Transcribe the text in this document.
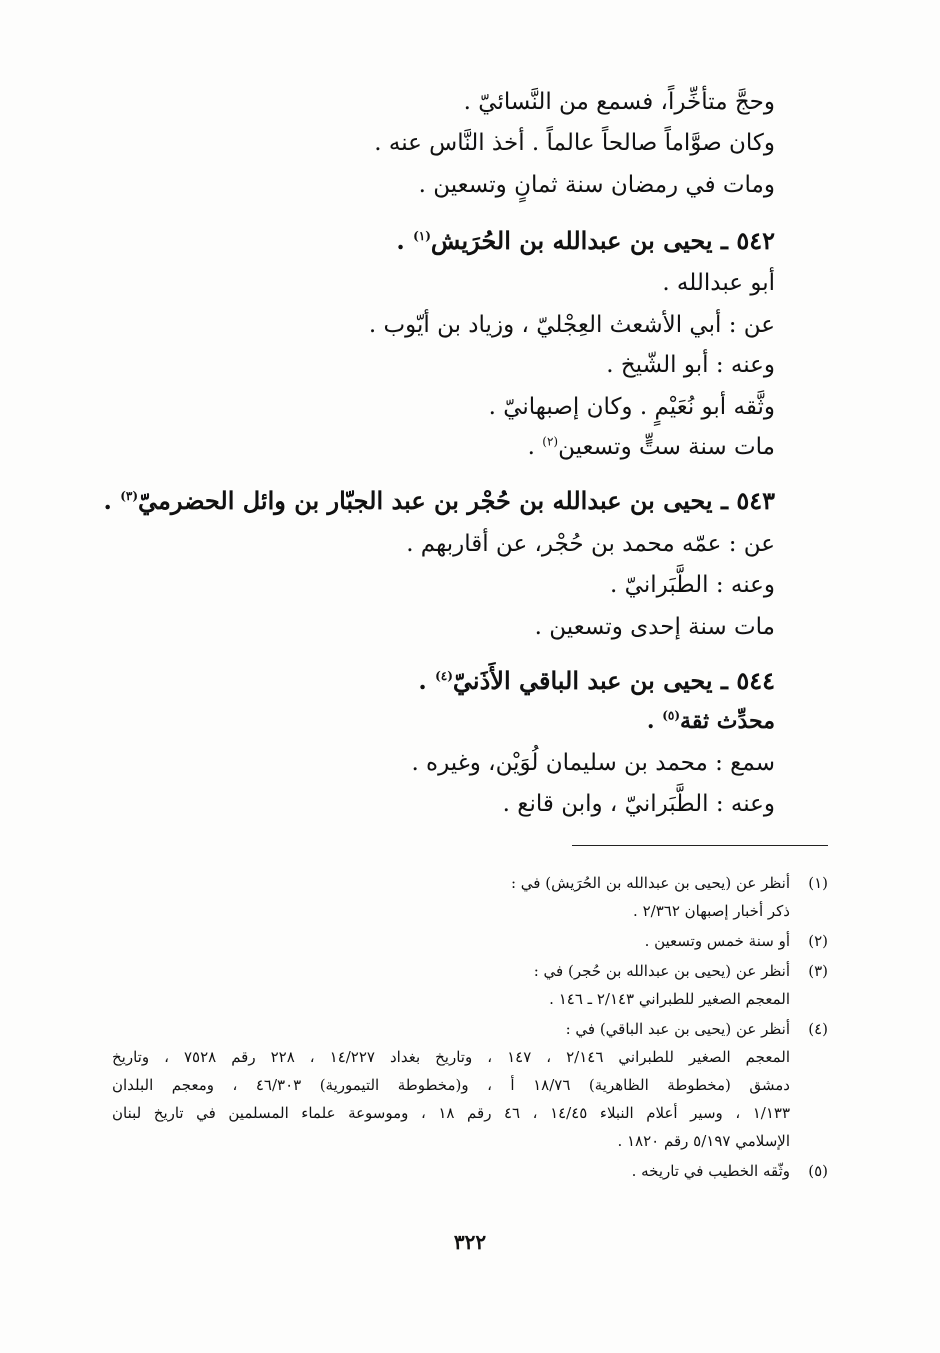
وحجَّ متأخِّراً، فسمع من النَّسائيّ .

وكان صوَّاماً صالحاً عالماً . أخذ النَّاس عنه .

ومات في رمضان سنة ثمانٍ وتسعين .

٥٤٢ ـ يحيى بن عبدالله بن الحُرَيش$^{(١)}$ .

أبو عبدالله .

عن : أبي الأشعث العِجْليّ ، وزياد بن أيّوب .

وعنه : أبو الشّيخ .

وثَّقه أبو نُعَيْمٍ . وكان إصبهانيّ .

مات سنة ستٍّ وتسعين$^{(٢)}$ .

٥٤٣ ـ يحيى بن عبدالله بن حُجْر بن عبد الجبّار بن وائل الحضرميّ$^{(٣)}$ .

عن : عمّه محمد بن حُجْر، عن أقاربهم .

وعنه : الطَّبَرانيّ .

مات سنة إحدى وتسعين .

٥٤٤ ـ يحيى بن عبد الباقي الأَذَنيّ$^{(٤)}$ .

محدِّث ثقة$^{(٥)}$ .

سمع : محمد بن سليمان لُوَيْن، وغيره .

وعنه : الطَّبَرانيّ ، وابن قانع .

(١)أنظر عن (يحيى بن عبدالله بن الحُرَيش) في :

ذكر أخبار إصبهان ٢/٣٦٢ .

(٢)أو سنة خمس وتسعين .

(٣)أنظر عن (يحيى بن عبدالله بن حُجر) في :

المعجم الصغير للطبراني ٢/١٤٣ ـ ١٤٦ .

(٤)أنظر عن (يحيى بن عبد الباقي) في :

المعجم الصغير للطبراني ٢/١٤٦ ، ١٤٧ ، وتاريخ بغداد ١٤/٢٢٧ ، ٢٢٨ رقم ٧٥٢٨ ، وتاريخ

دمشق (مخطوطة الظاهرية) ١٨/٧٦ أ ، و(مخطوطة التيمورية) ٤٦/٣٠٣ ، ومعجم البلدان

١/١٣٣ ، وسير أعلام النبلاء ١٤/٤٥ ، ٤٦ رقم ١٨ ، وموسوعة علماء المسلمين في تاريخ لبنان

الإسلامي ٥/١٩٧ رقم ١٨٢٠ .

(٥)وثّقه الخطيب في تاريخه .

٣٢٢
